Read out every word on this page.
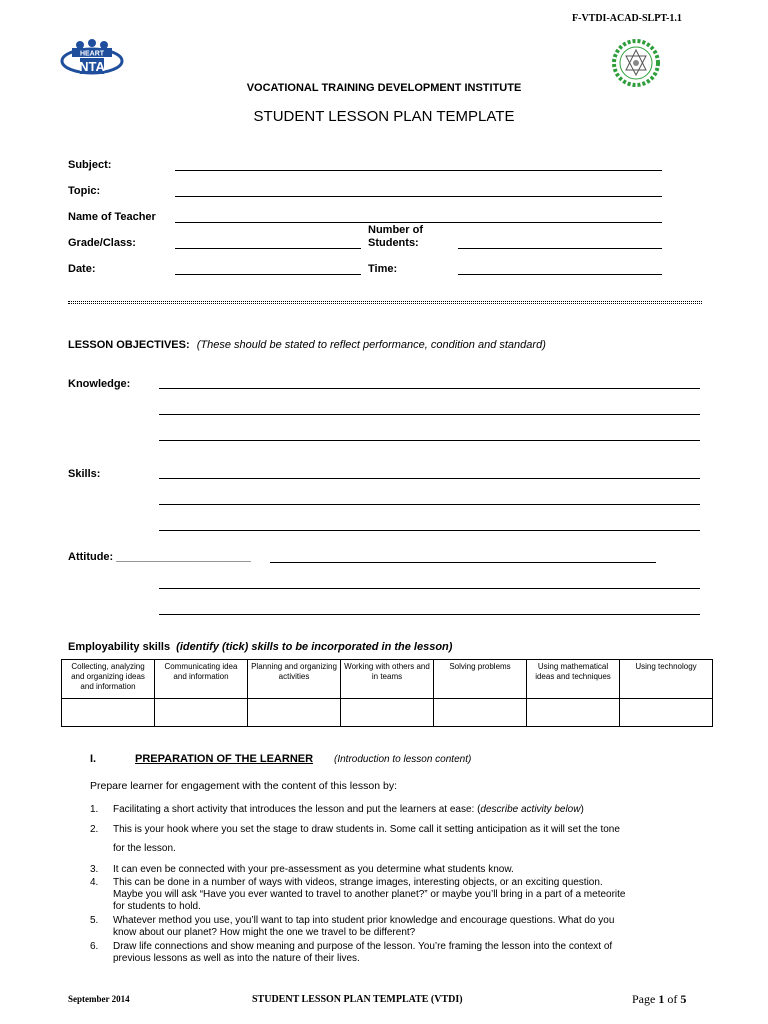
F-VTDI-ACAD-SLPT-1.1
HEART
NTA
VOCATIONAL TRAINING DEVELOPMENT INSTITUTE
STUDENT LESSON PLAN TEMPLATE
Subject:
Topic:
Name of Teacher
Grade/Class:
Number of
Students:
Date:	Time:
LESSON OBJECTIVES: (These should be stated to reflect performance, condition and standard)
Knowledge:
Skills:
Attitude: ______________________
Employability skills (identify (tick) skills to be incorporated in the lesson)
Collecting, analyzing and organizing ideas and information	Communicating idea and information	Planning and organizing activities	Working with others and in teams	Solving problems	Using mathematical ideas and techniques	Using technology

I.	PREPARATION OF THE LEARNER (Introduction to lesson content)
Prepare learner for engagement with the content of this lesson by:
1.	Facilitating a short activity that introduces the lesson and put the learners at ease: (describe activity below)
2.	This is your hook where you set the stage to draw students in. Some call it setting anticipation as it will set the tone
for the lesson.
3.	It can even be connected with your pre-assessment as you determine what students know.
4.	This can be done in a number of ways with videos, strange images, interesting objects, or an exciting question.
Maybe you will ask “Have you ever wanted to travel to another planet?” or maybe you’ll bring in a part of a meteorite
for students to hold.
5.	Whatever method you use, you’ll want to tap into student prior knowledge and encourage questions. What do you
know about our planet? How might the one we travel to be different?
6.	Draw life connections and show meaning and purpose of the lesson. You’re framing the lesson into the context of
previous lessons as well as into the nature of their lives.
September 2014	STUDENT LESSON PLAN TEMPLATE (VTDI)	Page 1 of 5
